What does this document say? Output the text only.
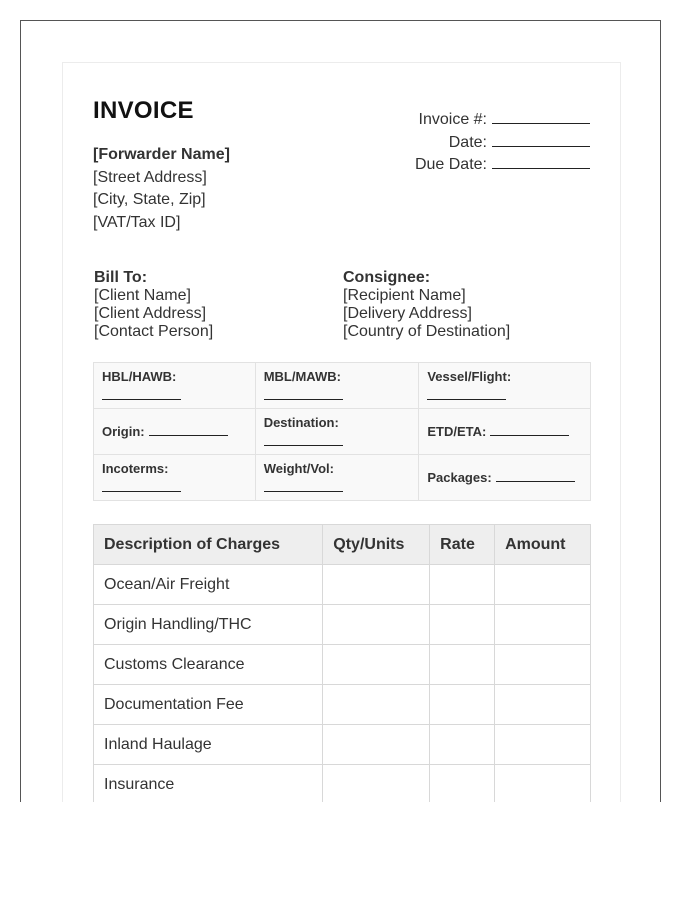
INVOICE
[Forwarder Name]
[Street Address]
[City, State, Zip]
[VAT/Tax ID]
Invoice #:
Date:
Due Date:
Bill To:
[Client Name]
[Client Address]
[Contact Person]
Consignee:
[Recipient Name]
[Delivery Address]
[Country of Destination]
HBL/HAWB:	MBL/MAWB:	Vessel/Flight:

Origin:	Destination:	ETD/ETA:

Incoterms:	Weight/Vol:	Packages:
Description of Charges	Qty/Units	Rate	Amount
Ocean/Air Freight			
Origin Handling/THC			
Customs Clearance			
Documentation Fee			
Inland Haulage			
Insurance			
